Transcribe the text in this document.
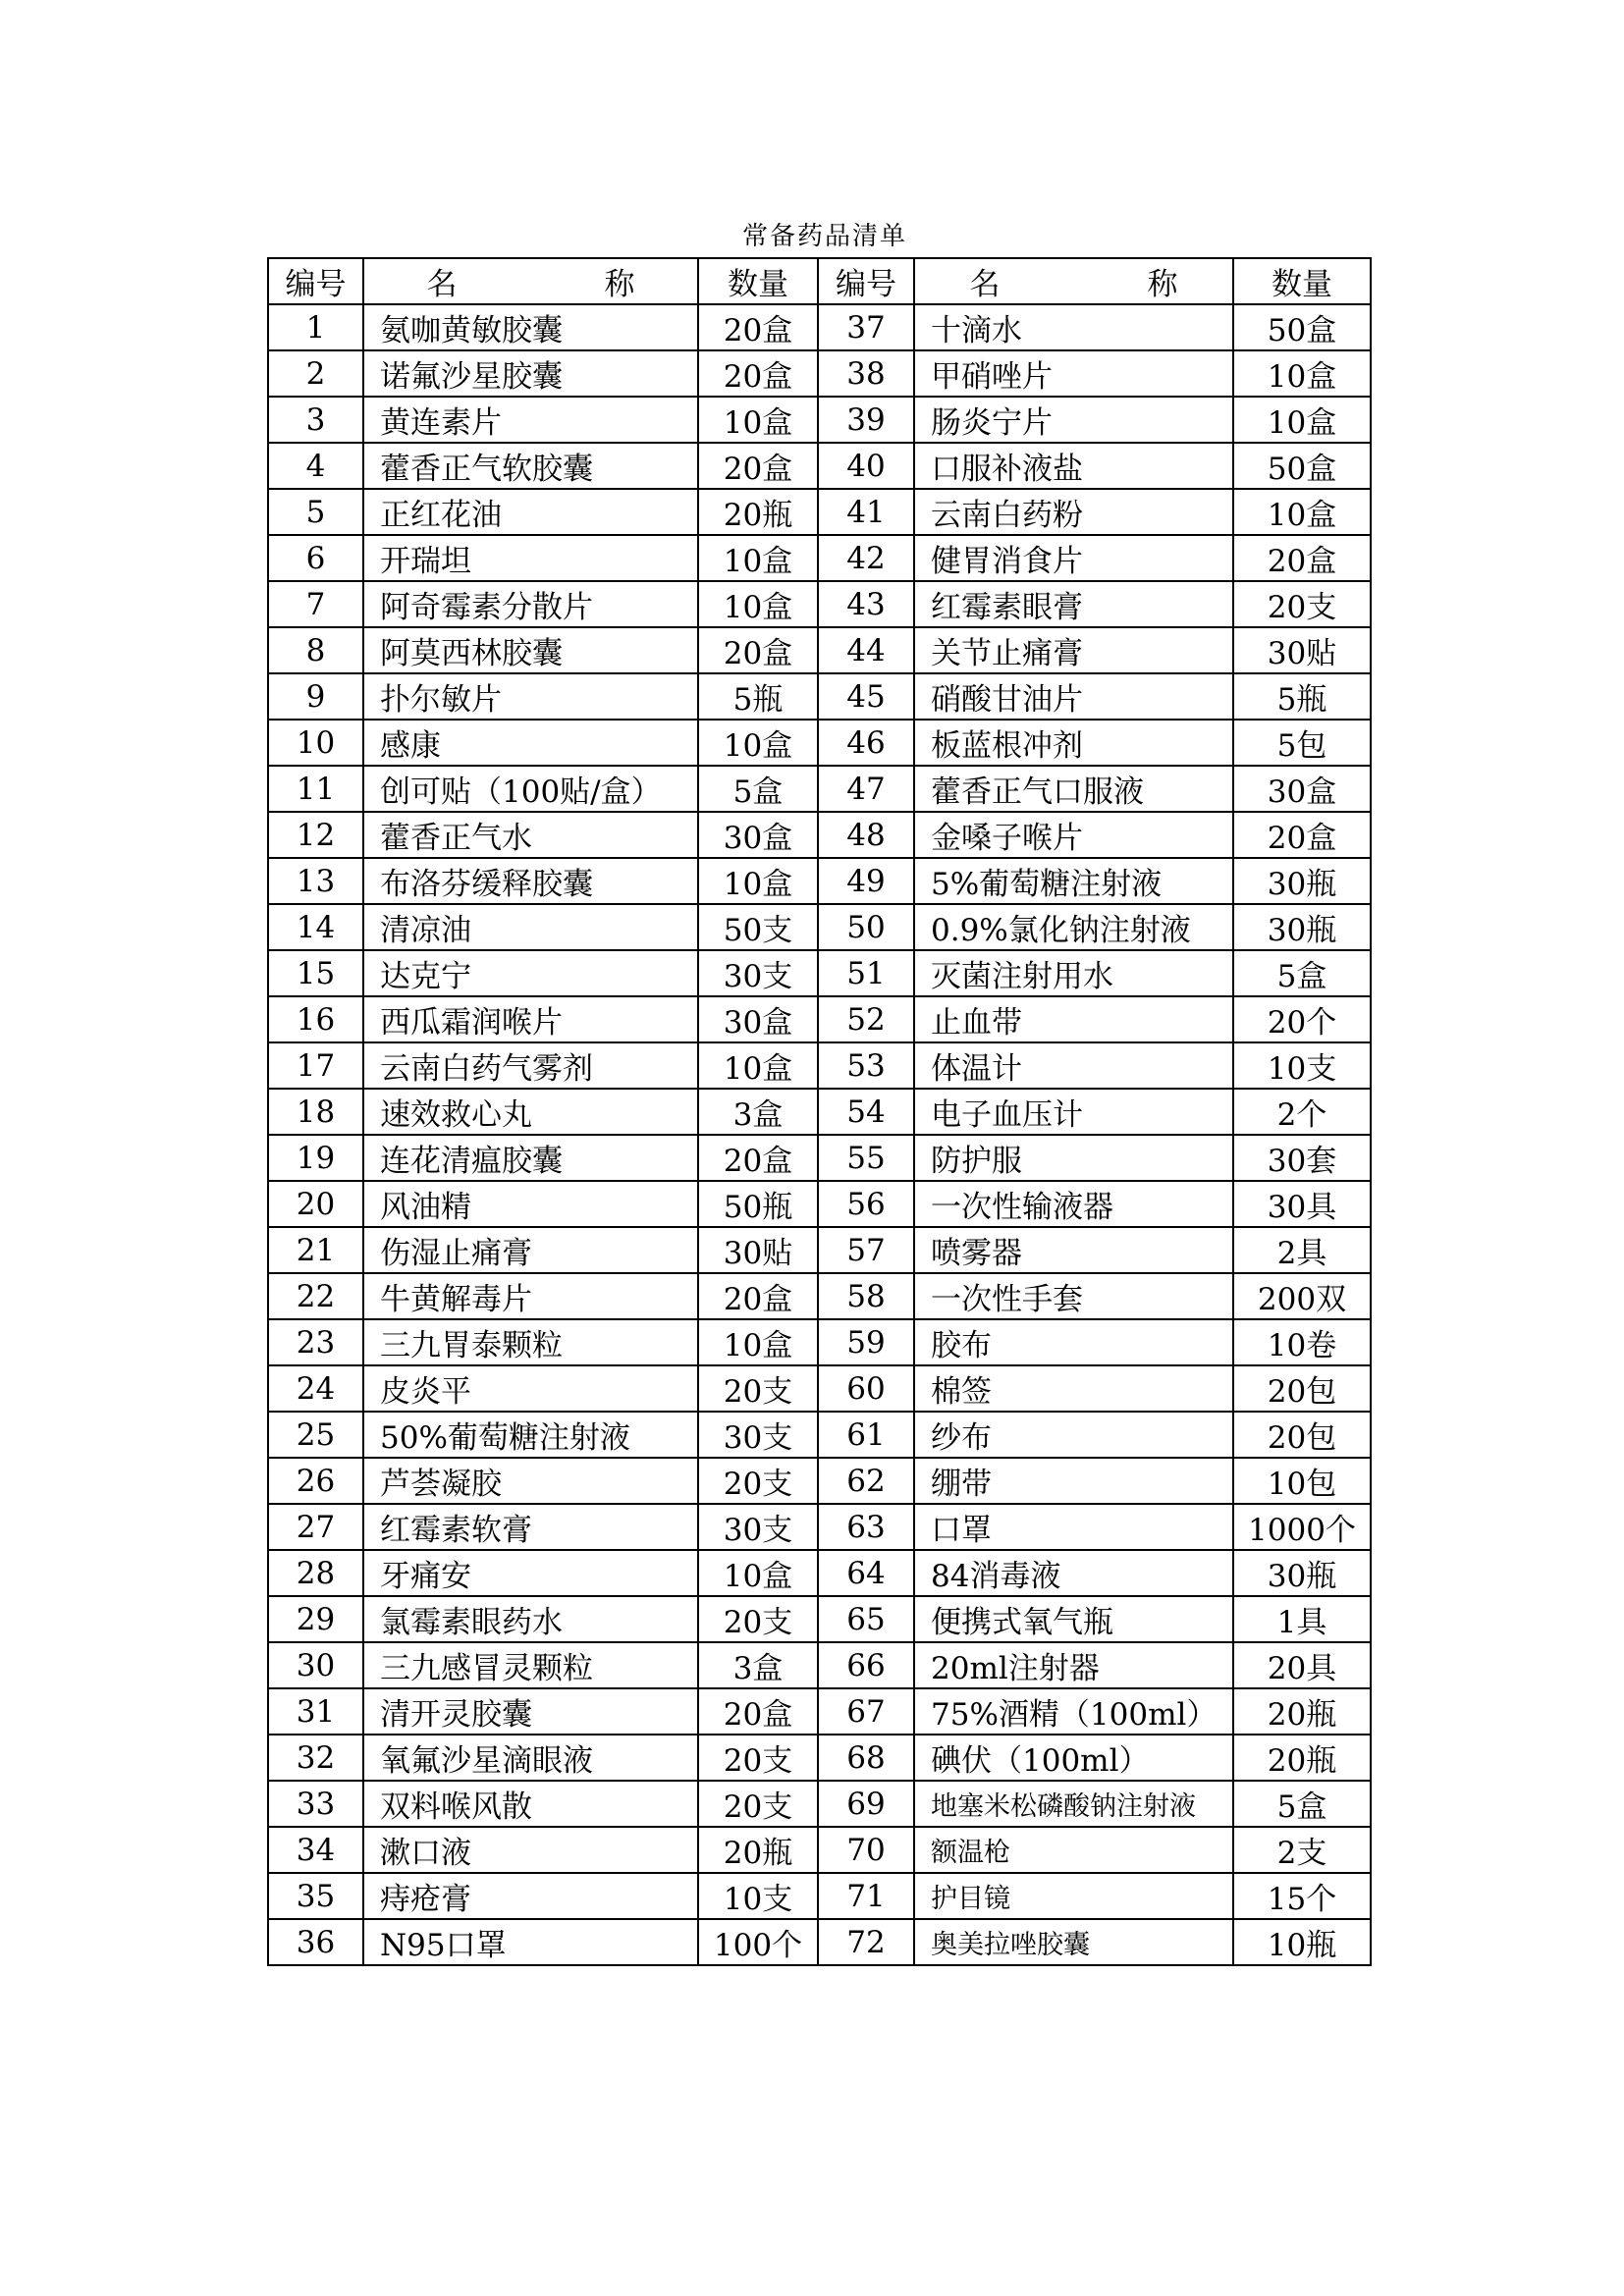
常备药品清单
编号	名 称	数量	编号	名 称	数量
1	氨咖黄敏胶囊	20盒	37	十滴水	50盒
2	诺氟沙星胶囊	20盒	38	甲硝唑片	10盒
3	黄连素片	10盒	39	肠炎宁片	10盒
4	藿香正气软胶囊	20盒	40	口服补液盐	50盒
5	正红花油	20瓶	41	云南白药粉	10盒
6	开瑞坦	10盒	42	健胃消食片	20盒
7	阿奇霉素分散片	10盒	43	红霉素眼膏	20支
8	阿莫西林胶囊	20盒	44	关节止痛膏	30贴
9	扑尔敏片	5瓶	45	硝酸甘油片	5瓶
10	感康	10盒	46	板蓝根冲剂	5包
11	创可贴（100贴/盒）	5盒	47	藿香正气口服液	30盒
12	藿香正气水	30盒	48	金嗓子喉片	20盒
13	布洛芬缓释胶囊	10盒	49	5%葡萄糖注射液	30瓶
14	清凉油	50支	50	0.9%氯化钠注射液	30瓶
15	达克宁	30支	51	灭菌注射用水	5盒
16	西瓜霜润喉片	30盒	52	止血带	20个
17	云南白药气雾剂	10盒	53	体温计	10支
18	速效救心丸	3盒	54	电子血压计	2个
19	连花清瘟胶囊	20盒	55	防护服	30套
20	风油精	50瓶	56	一次性输液器	30具
21	伤湿止痛膏	30贴	57	喷雾器	2具
22	牛黄解毒片	20盒	58	一次性手套	200双
23	三九胃泰颗粒	10盒	59	胶布	10卷
24	皮炎平	20支	60	棉签	20包
25	50%葡萄糖注射液	30支	61	纱布	20包
26	芦荟凝胶	20支	62	绷带	10包
27	红霉素软膏	30支	63	口罩	1000个
28	牙痛安	10盒	64	84消毒液	30瓶
29	氯霉素眼药水	20支	65	便携式氧气瓶	1具
30	三九感冒灵颗粒	3盒	66	20ml注射器	20具
31	清开灵胶囊	20盒	67	75%酒精（100ml）	20瓶
32	氧氟沙星滴眼液	20支	68	碘伏（100ml）	20瓶
33	双料喉风散	20支	69	地塞米松磷酸钠注射液	5盒
34	漱口液	20瓶	70	额温枪	2支
35	痔疮膏	10支	71	护目镜	15个
36	N95口罩	100个	72	奥美拉唑胶囊	10瓶
